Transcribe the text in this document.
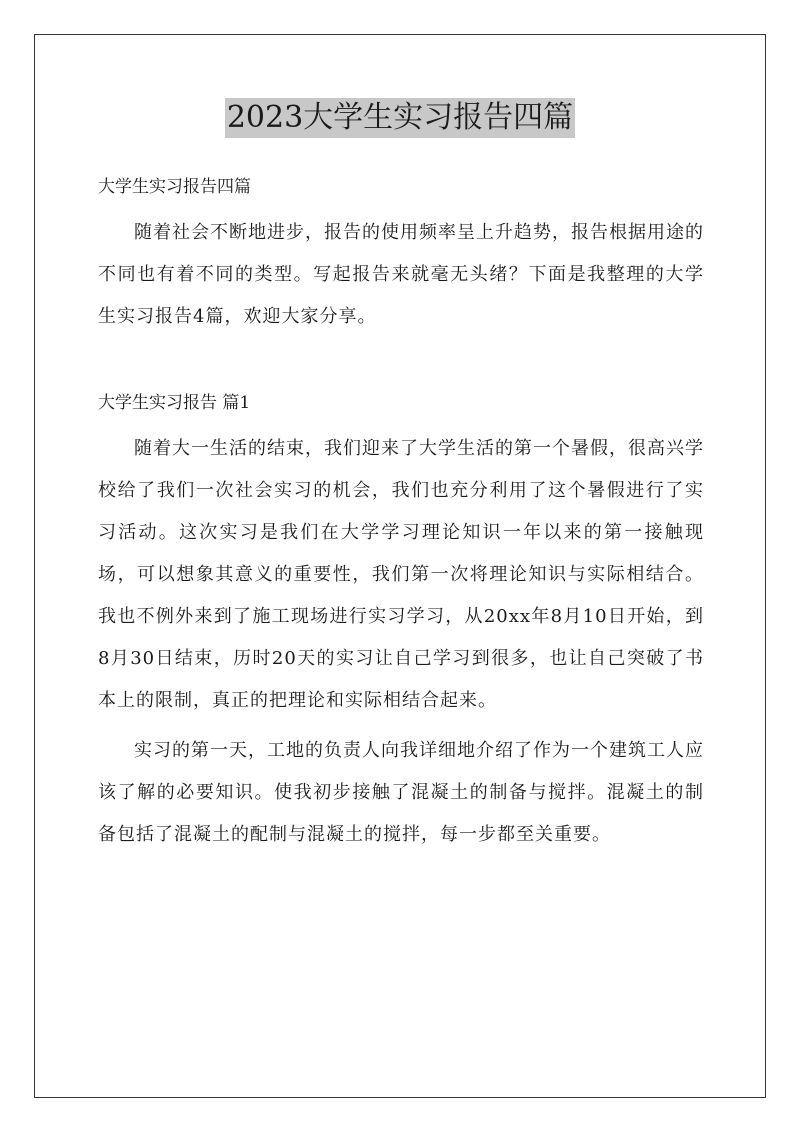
2023大学生实习报告四篇

大学生实习报告四篇

随着社会不断地进步，报告的使用频率呈上升趋势，报告根据用途的不同也有着不同的类型。写起报告来就毫无头绪？下面是我整理的大学生实习报告4篇，欢迎大家分享。

大学生实习报告 篇1

随着大一生活的结束，我们迎来了大学生活的第一个暑假，很高兴学校给了我们一次社会实习的机会，我们也充分利用了这个暑假进行了实习活动。这次实习是我们在大学学习理论知识一年以来的第一接触现场，可以想象其意义的重要性，我们第一次将理论知识与实际相结合。我也不例外来到了施工现场进行实习学习，从20xx年8月10日开始，到8月30日结束，历时20天的实习让自己学习到很多，也让自己突破了书本上的限制，真正的把理论和实际相结合起来。

实习的第一天，工地的负责人向我详细地介绍了作为一个建筑工人应该了解的必要知识。使我初步接触了混凝土的制备与搅拌。混凝土的制备包括了混凝土的配制与混凝土的搅拌，每一步都至关重要。
